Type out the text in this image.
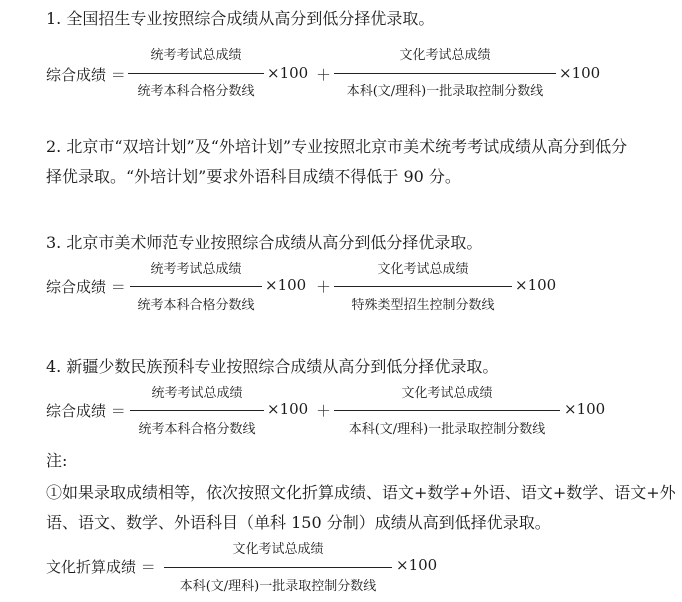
1. 全国招生专业按照综合成绩从高分到低分择优录取。
综合成绩 ＝
统考考试总成绩
统考本科合格分数线
×100 ＋
文化考试总成绩
本科(文/理科)一批录取控制分数线
×100
2. 北京市“双培计划”及“外培计划”专业按照北京市美术统考考试成绩从高分到低分
择优录取。“外培计划”要求外语科目成绩不得低于 90 分。
3. 北京市美术师范专业按照综合成绩从高分到低分择优录取。
综合成绩 ＝
统考考试总成绩
统考本科合格分数线
×100 ＋
文化考试总成绩
特殊类型招生控制分数线
×100
4. 新疆少数民族预科专业按照综合成绩从高分到低分择优录取。
综合成绩 ＝
统考考试总成绩
统考本科合格分数线
×100 ＋
文化考试总成绩
本科(文/理科)一批录取控制分数线
×100
注:
①如果录取成绩相等，依次按照文化折算成绩、语文+数学+外语、语文+数学、语文+外
语、语文、数学、外语科目（单科 150 分制）成绩从高到低择优录取。
文化折算成绩 ＝
文化考试总成绩
本科(文/理科)一批录取控制分数线
×100
